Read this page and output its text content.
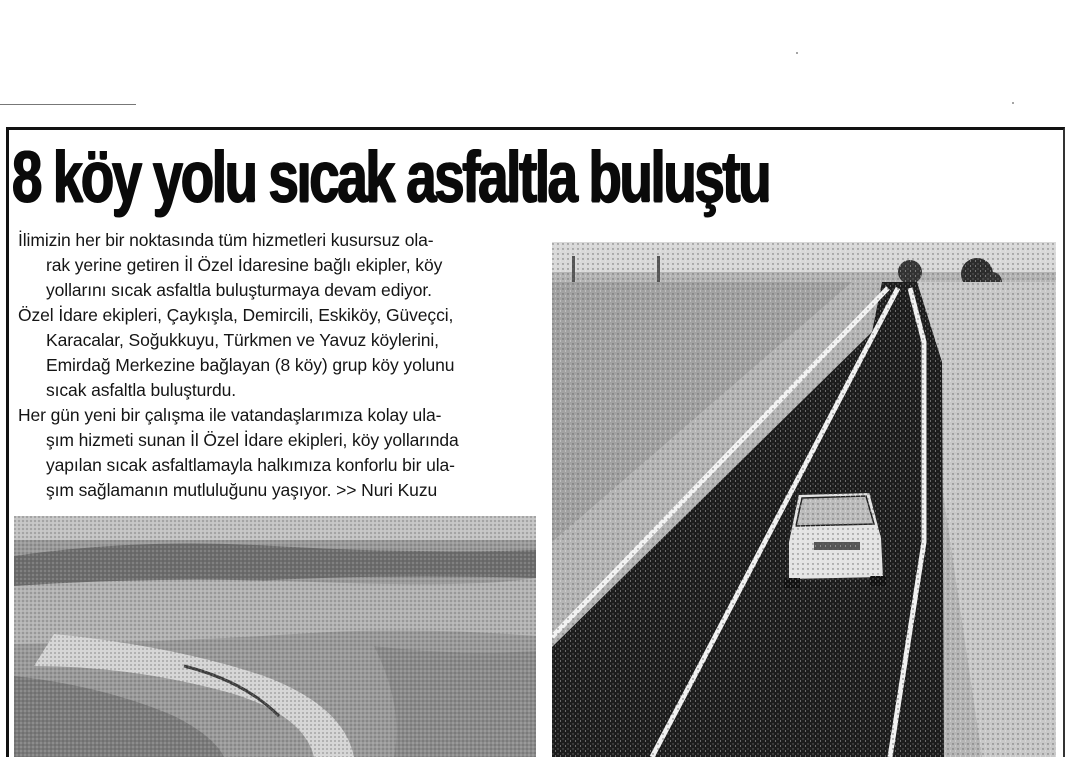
8 köy yolu sıcak asfaltla buluştu
İlimizin her bir noktasında tüm hizmetleri kusursuz ola-
rak yerine getiren İl Özel İdaresine bağlı ekipler, köy
yollarını sıcak asfaltla buluşturmaya devam ediyor.
Özel İdare ekipleri, Çaykışla, Demircili, Eskiköy, Güveçci,
Karacalar, Soğukkuyu, Türkmen ve Yavuz köylerini,
Emirdağ Merkezine bağlayan (8 köy) grup köy yolunu
sıcak asfaltla buluşturdu.
Her gün yeni bir çalışma ile vatandaşlarımıza kolay ula-
şım hizmeti sunan İl Özel İdare ekipleri, köy yollarında
yapılan sıcak asfaltlamayla halkımıza konforlu bir ula-
şım sağlamanın mutluluğunu yaşıyor. >> Nuri Kuzu
